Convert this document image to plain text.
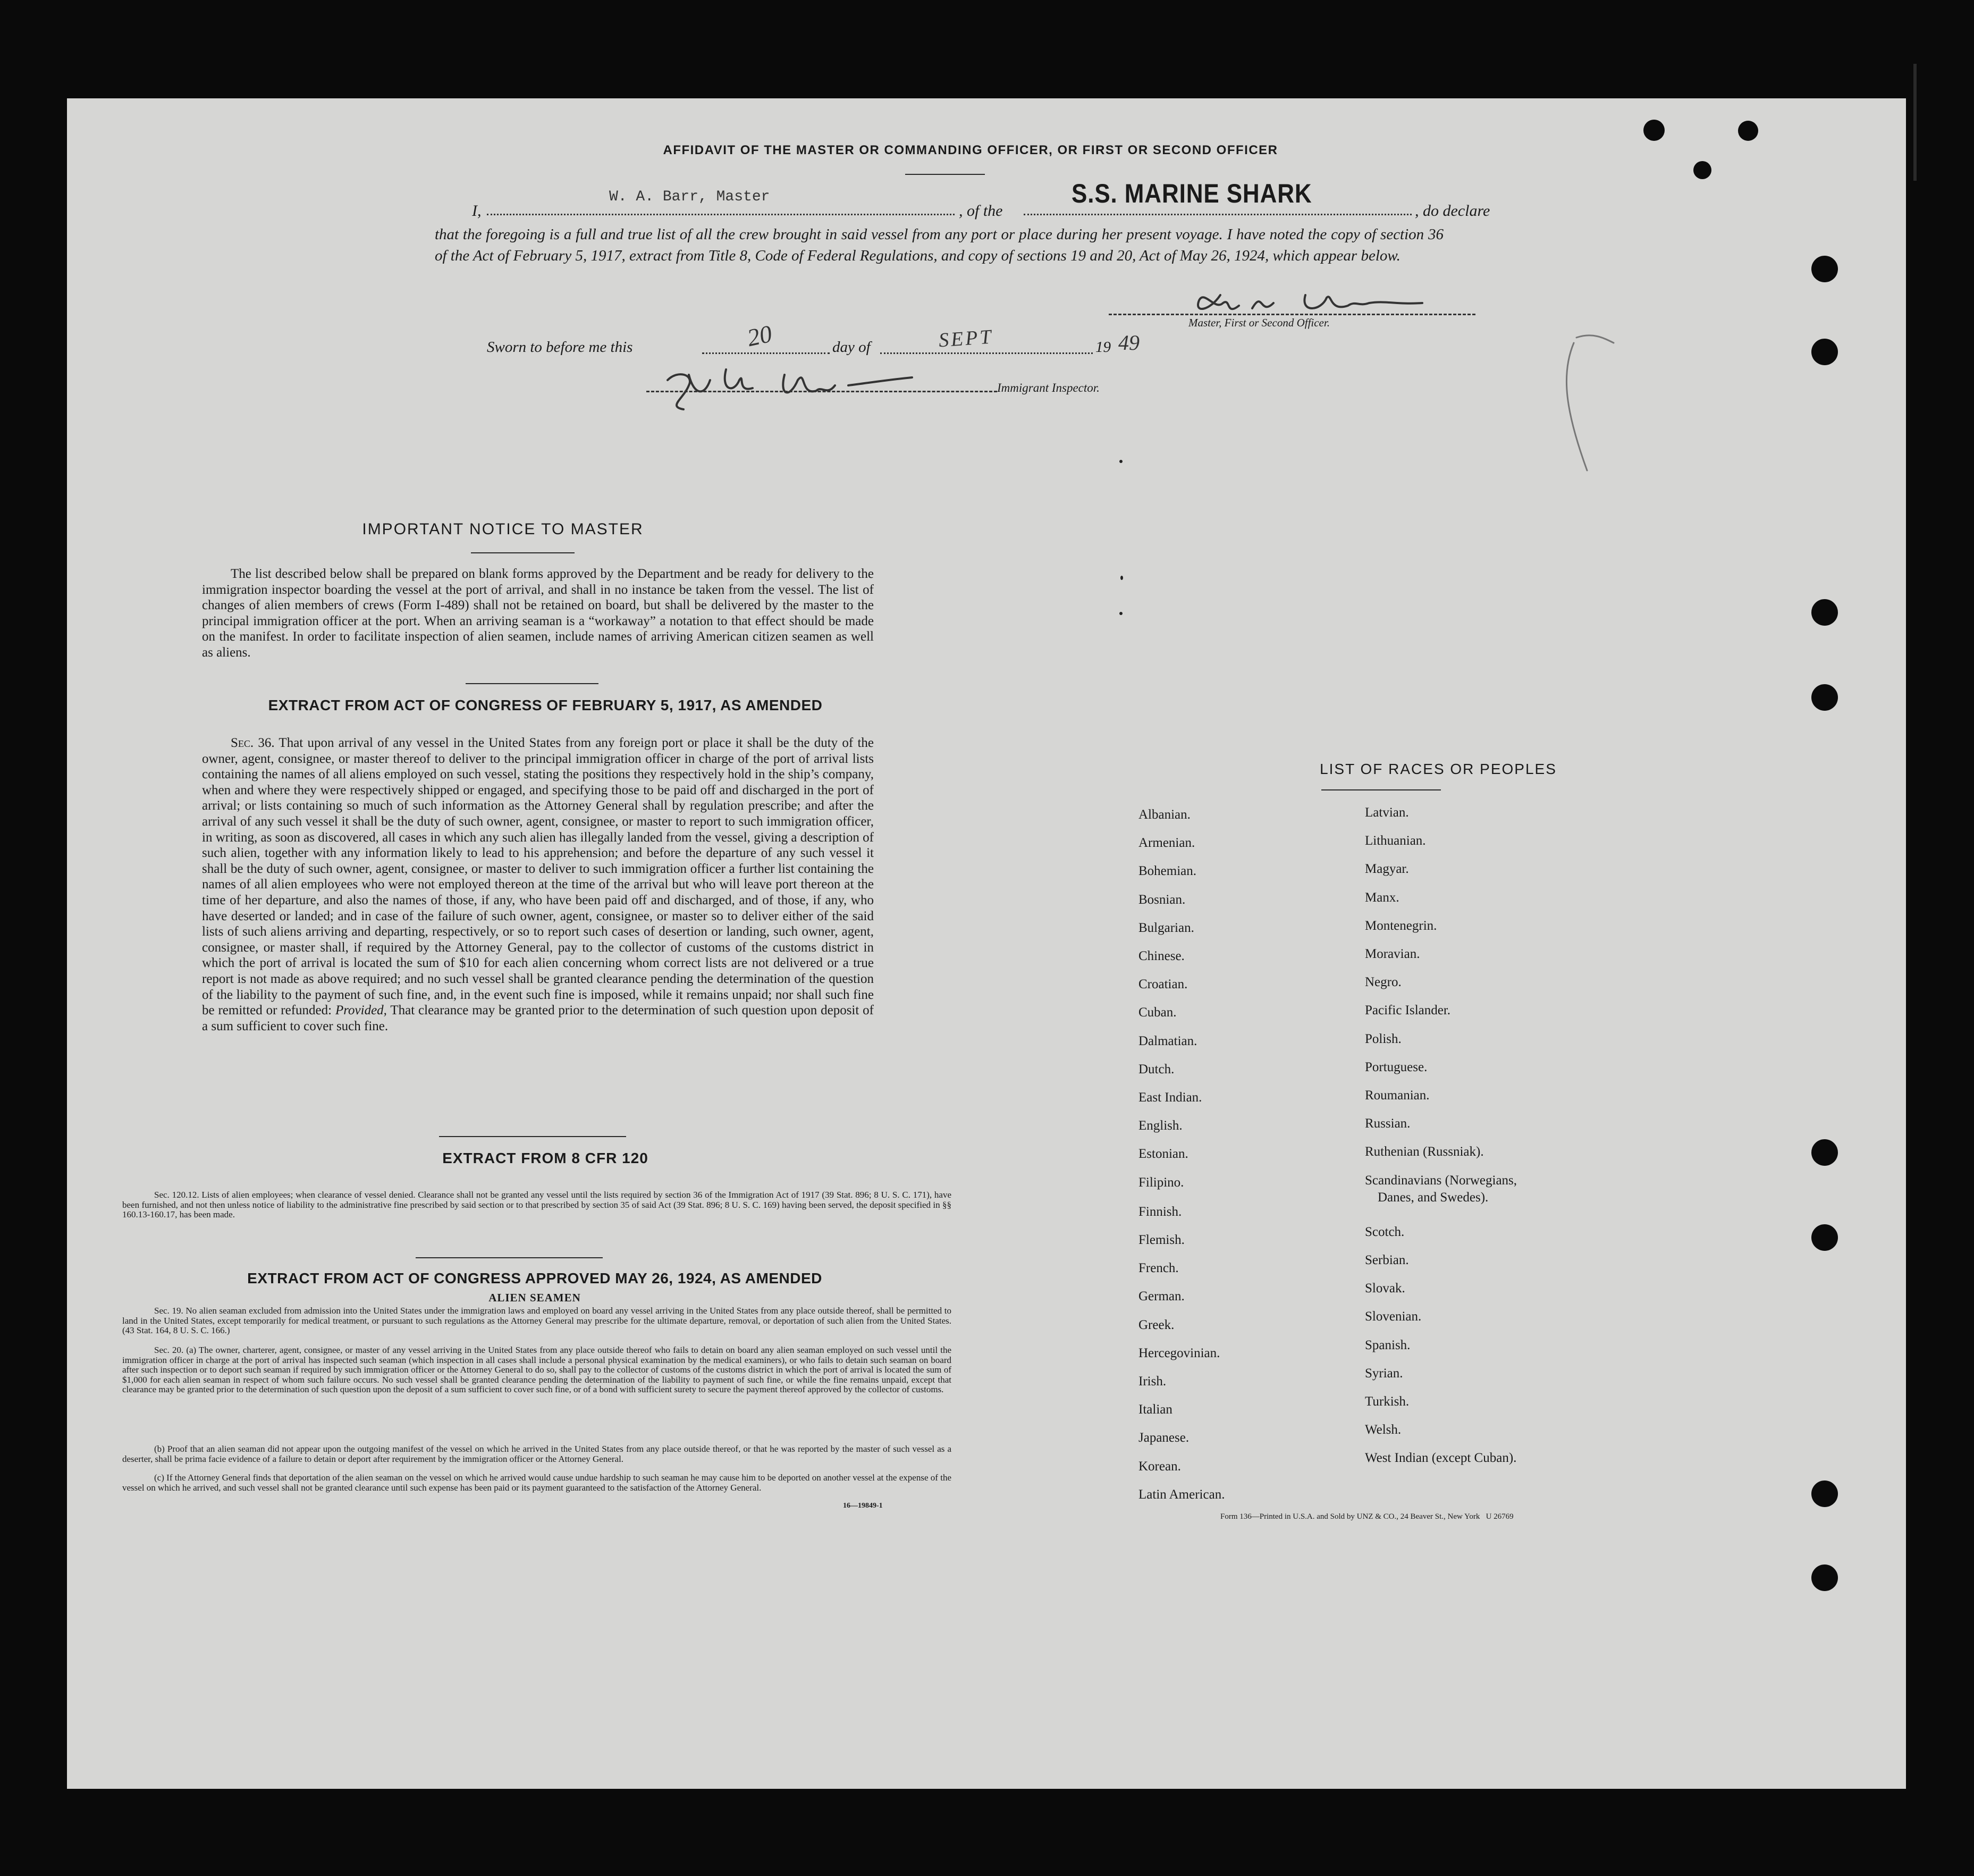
AFFIDAVIT OF THE MASTER OR COMMANDING OFFICER, OR FIRST OR SECOND OFFICER
I,
W. A. Barr, Master
, of the
S.S. MARINE SHARK
, do declare
that the foregoing is a full and true list of all the crew brought in said vessel from any port or place during her present voyage. I have noted the copy of section 36 of the Act of February 5, 1917, extract from Title 8, Code of Federal Regulations, and copy of sections 19 and 20, Act of May 26, 1924, which appear below.
Master, First or Second Officer.
Sworn to before me this	20	day of	SEPT	19 49
Immigrant Inspector.
IMPORTANT NOTICE TO MASTER
The list described below shall be prepared on blank forms approved by the Department and be ready for delivery to the immigration inspector boarding the vessel at the port of arrival, and shall in no instance be taken from the vessel. The list of changes of alien members of crews (Form I-489) shall not be retained on board, but shall be delivered by the master to the principal immigration officer at the port. When an arriving seaman is a “workaway” a notation to that effect should be made on the manifest. In order to facilitate inspection of alien seamen, include names of arriving American citizen seamen as well as aliens.
EXTRACT FROM ACT OF CONGRESS OF FEBRUARY 5, 1917, AS AMENDED
Sec. 36. That upon arrival of any vessel in the United States from any foreign port or place it shall be the duty of the owner, agent, consignee, or master thereof to deliver to the principal immigration officer in charge of the port of arrival lists containing the names of all aliens employed on such vessel, stating the positions they respectively hold in the ship’s company, when and where they were respectively shipped or engaged, and specifying those to be paid off and discharged in the port of arrival; or lists containing so much of such information as the Attorney General shall by regulation prescribe; and after the arrival of any such vessel it shall be the duty of such owner, agent, consignee, or master to report to such immigration officer, in writing, as soon as discovered, all cases in which any such alien has illegally landed from the vessel, giving a description of such alien, together with any information likely to lead to his apprehension; and before the departure of any such vessel it shall be the duty of such owner, agent, consignee, or master to deliver to such immigration officer a further list containing the names of all alien employees who were not employed thereon at the time of the arrival but who will leave port thereon at the time of her departure, and also the names of those, if any, who have been paid off and discharged, and of those, if any, who have deserted or landed; and in case of the failure of such owner, agent, consignee, or master so to deliver either of the said lists of such aliens arriving and departing, respectively, or so to report such cases of desertion or landing, such owner, agent, consignee, or master shall, if required by the Attorney General, pay to the collector of customs of the customs district in which the port of arrival is located the sum of $10 for each alien concerning whom correct lists are not delivered or a true report is not made as above required; and no such vessel shall be granted clearance pending the determination of the question of the liability to the payment of such fine, and, in the event such fine is imposed, while it remains unpaid; nor shall such fine be remitted or refunded: Provided, That clearance may be granted prior to the determination of such question upon deposit of a sum sufficient to cover such fine.
EXTRACT FROM 8 CFR 120
Sec. 120.12. Lists of alien employees; when clearance of vessel denied. Clearance shall not be granted any vessel until the lists required by section 36 of the Immigration Act of 1917 (39 Stat. 896; 8 U. S. C. 171), have been furnished, and not then unless notice of liability to the administrative fine prescribed by said section or to that prescribed by section 35 of said Act (39 Stat. 896; 8 U. S. C. 169) having been served, the deposit specified in §§ 160.13-160.17, has been made.
EXTRACT FROM ACT OF CONGRESS APPROVED MAY 26, 1924, AS AMENDED
ALIEN SEAMEN
Sec. 19. No alien seaman excluded from admission into the United States under the immigration laws and employed on board any vessel arriving in the United States from any place outside thereof, shall be permitted to land in the United States, except temporarily for medical treatment, or pursuant to such regulations as the Attorney General may prescribe for the ultimate departure, removal, or deportation of such alien from the United States. (43 Stat. 164, 8 U. S. C. 166.)
Sec. 20. (a) The owner, charterer, agent, consignee, or master of any vessel arriving in the United States from any place outside thereof who fails to detain on board any alien seaman employed on such vessel until the immigration officer in charge at the port of arrival has inspected such seaman (which inspection in all cases shall include a personal physical examination by the medical examiners), or who fails to detain such seaman on board after such inspection or to deport such seaman if required by such immigration officer or the Attorney General to do so, shall pay to the collector of customs of the customs district in which the port of arrival is located the sum of $1,000 for each alien seaman in respect of whom such failure occurs. No such vessel shall be granted clearance pending the determination of the liability to payment of such fine, or while the fine remains unpaid, except that clearance may be granted prior to the determination of such question upon the deposit of a sum sufficient to cover such fine, or of a bond with sufficient surety to secure the payment thereof approved by the collector of customs.
(b) Proof that an alien seaman did not appear upon the outgoing manifest of the vessel on which he arrived in the United States from any place outside thereof, or that he was reported by the master of such vessel as a deserter, shall be prima facie evidence of a failure to detain or deport after requirement by the immigration officer or the Attorney General.
(c) If the Attorney General finds that deportation of the alien seaman on the vessel on which he arrived would cause undue hardship to such seaman he may cause him to be deported on another vessel at the expense of the vessel on which he arrived, and such vessel shall not be granted clearance until such expense has been paid or its payment guaranteed to the satisfaction of the Attorney General.
16—19849-1
LIST OF RACES OR PEOPLES
Albanian.
Armenian.
Bohemian.
Bosnian.
Bulgarian.
Chinese.
Croatian.
Cuban.
Dalmatian.
Dutch.
East Indian.
English.
Estonian.
Filipino.
Finnish.
Flemish.
French.
German.
Greek.
Hercegovinian.
Irish.
Italian
Japanese.
Korean.
Latin American.
Latvian.
Lithuanian.
Magyar.
Manx.
Montenegrin.
Moravian.
Negro.
Pacific Islander.
Polish.
Portuguese.
Roumanian.
Russian.
Ruthenian (Russniak).
Scandinavians (Norwegians,
Danes, and Swedes).
Scotch.
Serbian.
Slovak.
Slovenian.
Spanish.
Syrian.
Turkish.
Welsh.
West Indian (except Cuban).
Form 136—Printed in U.S.A. and Sold by UNZ & CO., 24 Beaver St., New York   U 26769
